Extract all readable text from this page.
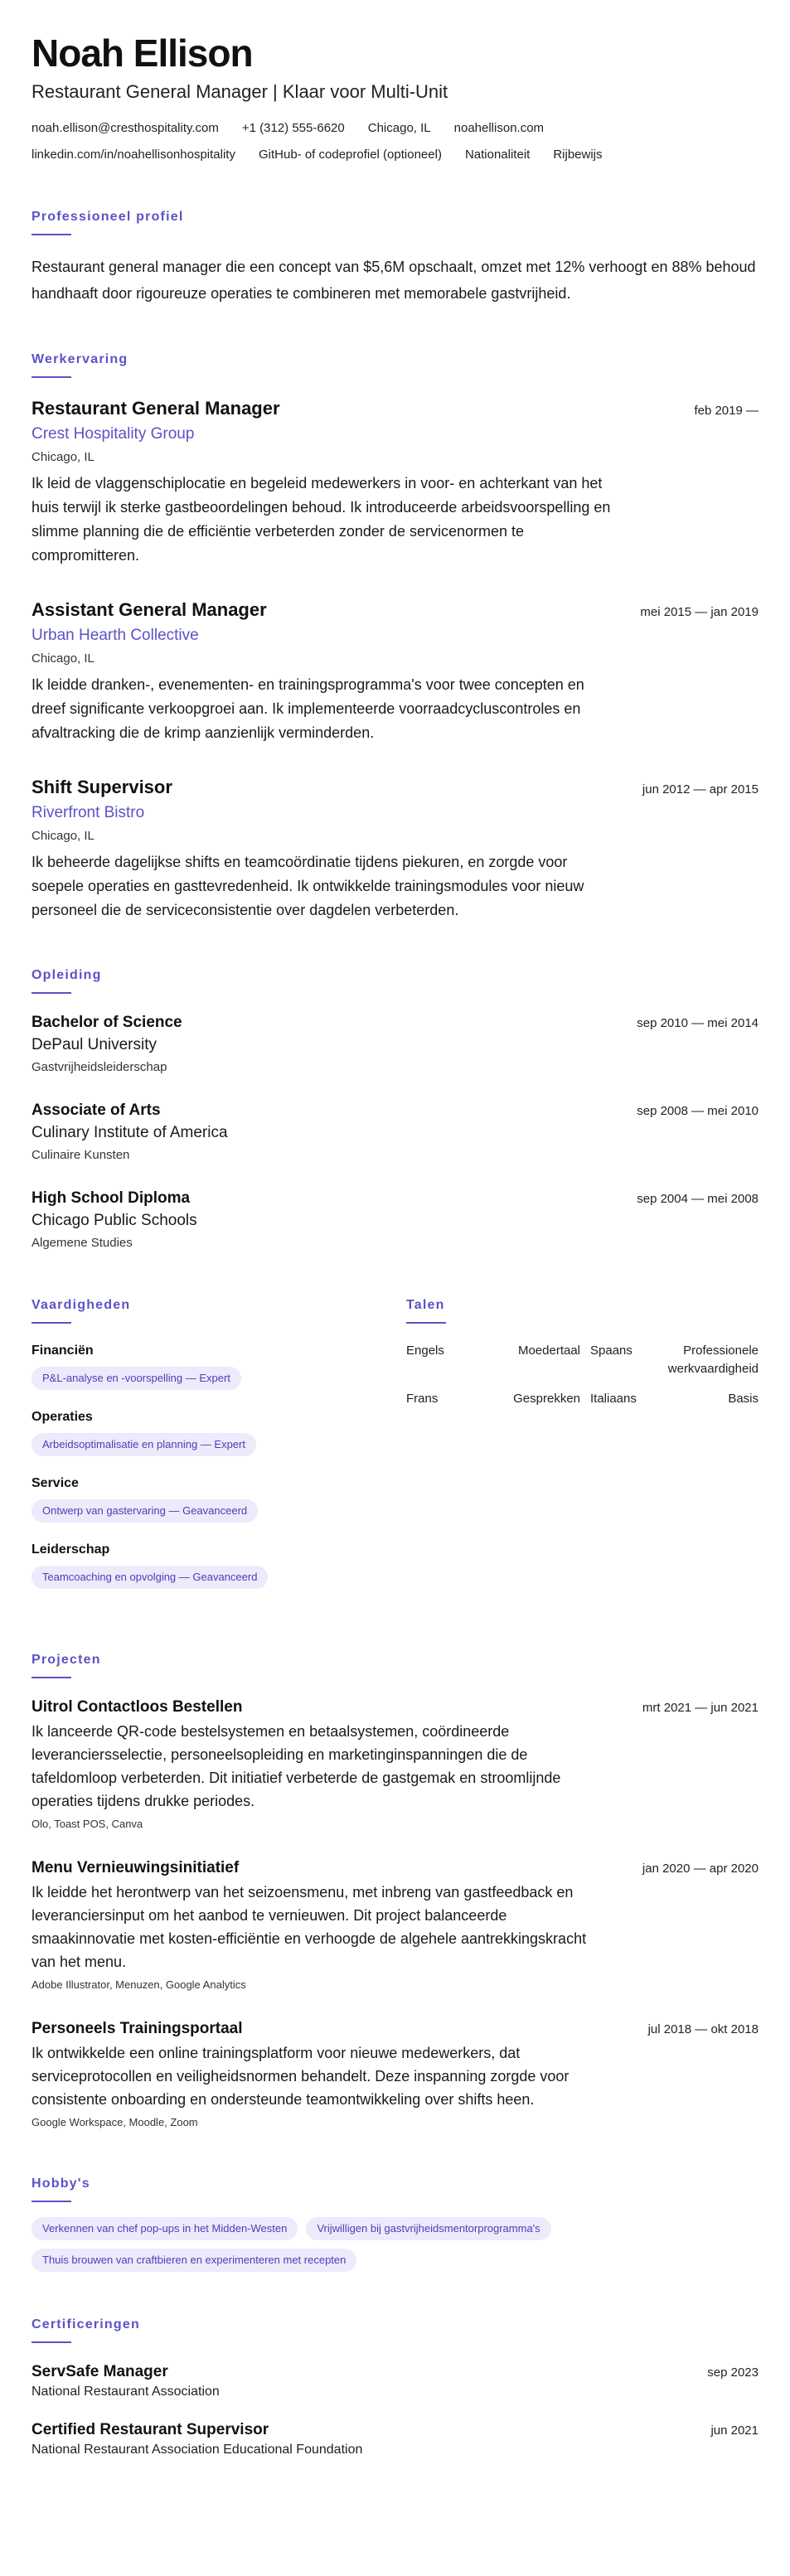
Noah Ellison
Restaurant General Manager | Klaar voor Multi-Unit
noah.ellison@cresthospitality.com +1 (312) 555-6620 Chicago, IL noahellison.com
linkedin.com/in/noahellisonhospitality GitHub- of codeprofiel (optioneel) Nationaliteit Rijbewijs
Professioneel profiel
Restaurant general manager die een concept van $5,6M opschaalt, omzet met 12% verhoogt en 88% behoud handhaaft door rigoureuze operaties te combineren met memorabele gastvrijheid.
Werkervaring
Restaurant General Manager	feb 2019 —
Crest Hospitality Group
Chicago, IL
Ik leid de vlaggenschiplocatie en begeleid medewerkers in voor- en achterkant van het huis terwijl ik sterke gastbeoordelingen behoud. Ik introduceerde arbeidsvoorspelling en slimme planning die de efficiëntie verbeterden zonder de servicenormen te compromitteren.
Assistant General Manager	mei 2015 — jan 2019
Urban Hearth Collective
Chicago, IL
Ik leidde dranken-, evenementen- en trainingsprogramma's voor twee concepten en dreef significante verkoopgroei aan. Ik implementeerde voorraadcycluscontroles en afvaltracking die de krimp aanzienlijk verminderden.
Shift Supervisor	jun 2012 — apr 2015
Riverfront Bistro
Chicago, IL
Ik beheerde dagelijkse shifts en teamcoördinatie tijdens piekuren, en zorgde voor soepele operaties en gasttevredenheid. Ik ontwikkelde trainingsmodules voor nieuw personeel die de serviceconsistentie over dagdelen verbeterden.
Opleiding
Bachelor of Science	sep 2010 — mei 2014
DePaul University
Gastvrijheidsleiderschap
Associate of Arts	sep 2008 — mei 2010
Culinary Institute of America
Culinaire Kunsten
High School Diploma	sep 2004 — mei 2008
Chicago Public Schools
Algemene Studies
Vaardigheden
Financiën
P&L-analyse en -voorspelling — Expert
Operaties
Arbeidsoptimalisatie en planning — Expert
Service
Ontwerp van gastervaring — Geavanceerd
Leiderschap
Teamcoaching en opvolging — Geavanceerd
Talen
Engels	Moedertaal Spaans	Professionele werkvaardigheid
Frans	Gesprekken Italiaans	Basis
Projecten
Uitrol Contactloos Bestellen	mrt 2021 — jun 2021
Ik lanceerde QR-code bestelsystemen en betaalsystemen, coördineerde leveranciersselectie, personeelsopleiding en marketinginspanningen die de tafeldomloop verbeterden. Dit initiatief verbeterde de gastgemak en stroomlijnde operaties tijdens drukke periodes.
Olo, Toast POS, Canva
Menu Vernieuwingsinitiatief	jan 2020 — apr 2020
Ik leidde het herontwerp van het seizoensmenu, met inbreng van gastfeedback en leveranciersinput om het aanbod te vernieuwen. Dit project balanceerde smaakinnovatie met kosten-efficiëntie en verhoogde de algehele aantrekkingskracht van het menu.
Adobe Illustrator, Menuzen, Google Analytics
Personeels Trainingsportaal	jul 2018 — okt 2018
Ik ontwikkelde een online trainingsplatform voor nieuwe medewerkers, dat serviceprotocollen en veiligheidsnormen behandelt. Deze inspanning zorgde voor consistente onboarding en ondersteunde teamontwikkeling over shifts heen.
Google Workspace, Moodle, Zoom
Hobby's
Verkennen van chef pop-ups in het Midden-Westen	Vrijwilligen bij gastvrijheidsmentorprogramma's
Thuis brouwen van craftbieren en experimenteren met recepten
Certificeringen
ServSafe Manager	sep 2023
National Restaurant Association
Certified Restaurant Supervisor	jun 2021
National Restaurant Association Educational Foundation
